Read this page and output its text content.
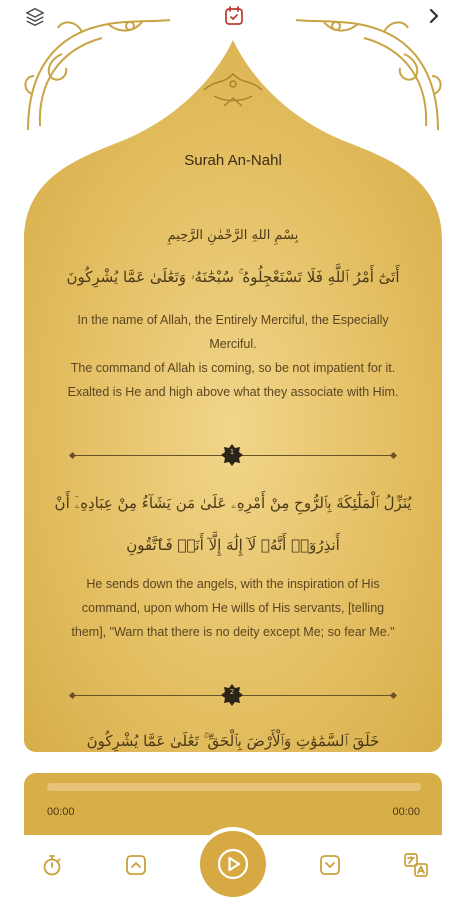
Surah An-Nahl
بِسْمِ اللهِ الرَّحْمٰنِ الرَّحِيمِ
أَتَىٰٓ أَمْرُ ٱللَّهِ فَلَا تَسْتَعْجِلُوهُ ۚ سُبْحَٰنَهُۥ وَتَعَٰلَىٰ عَمَّا يُشْرِكُونَ
In the name of Allah, the Entirely Merciful, the Especially Merciful.
The command of Allah is coming, so be not impatient for it. Exalted is He and high above what they associate with Him.
1
يُنَزِّلُ ٱلْمَلَٰٓئِكَةَ بِٱلرُّوحِ مِنْ أَمْرِهِۦ عَلَىٰ مَن يَشَآءُ مِنْ عِبَادِهِۦٓ أَنْ
أَنذِرُوٓا۟ أَنَّهُۥ لَآ إِلَٰهَ إِلَّآ أَنَا۠ فَٱتَّقُونِ
He sends down the angels, with the inspiration of His command, upon whom He wills of His servants, [telling them], "Warn that there is no deity except Me; so fear Me."
2
خَلَقَ ٱلسَّمَٰوَٰتِ وَٱلْأَرْضَ بِٱلْحَقِّ ۚ تَعَٰلَىٰ عَمَّا يُشْرِكُونَ
00:00	00:00
